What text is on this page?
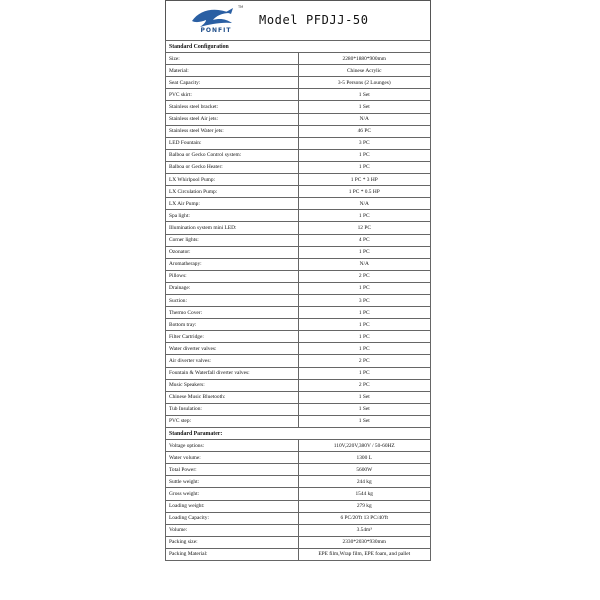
TM
PONFIT
Model PFDJJ-50
Standard Configuration	
Size:	2280*1880*900mm
Material:	Chinese Acrylic
Seat Capacity:	3-5 Persons (2 Lounges)
PVC skirt:	1 Set
Stainless steel bracket:	1 Set
Stainless steel Air jets:	N/A
Stainless steel Water jets:	46 PC
LED Fountain:	3 PC
Balboa or Gecko Control system:	1 PC
Balboa or Gecko Heater:	1 PC
LX Whirlpool Pump:	1 PC * 3 HP
LX Circulation Pump:	1 PC * 0.5 HP
LX Air Pump:	N/A
Spa light:	1 PC
Illumination system mini LED:	12 PC
Corner lights:	4 PC
Ozonator:	1 PC
Aromatherapy:	N/A
Pillows:	2 PC
Drainage:	1 PC
Suction:	3 PC
Thermo Cover:	1 PC
Bottom tray:	1 PC
Filter Cartridge:	1 PC
Water diverter valves:	1 PC
Air diverter valves:	2 PC
Fountain & Waterfall diverter valves:	1 PC
Music Speakers:	2 PC
Chinese Music Bluetooth:	1 Set
Tub Insulation:	1 Set
PVC step:	1 Set
Standard Paramater:	
Voltage options:	110V,220V,380V / 50-60HZ
Water volume:	1300 L
Total Power:	5600W
Suttle weight:	244 kg
Gross weight:	1544 kg
Loading weight:	279 kg
Loading Capacity:	6 PC/20'ft 13 PC/40'ft
Volume:	3.54m³
Packing size:	2330*2030*930mm
Packing Material:	EPE film,Wrap film, EPE foam, and pallet
